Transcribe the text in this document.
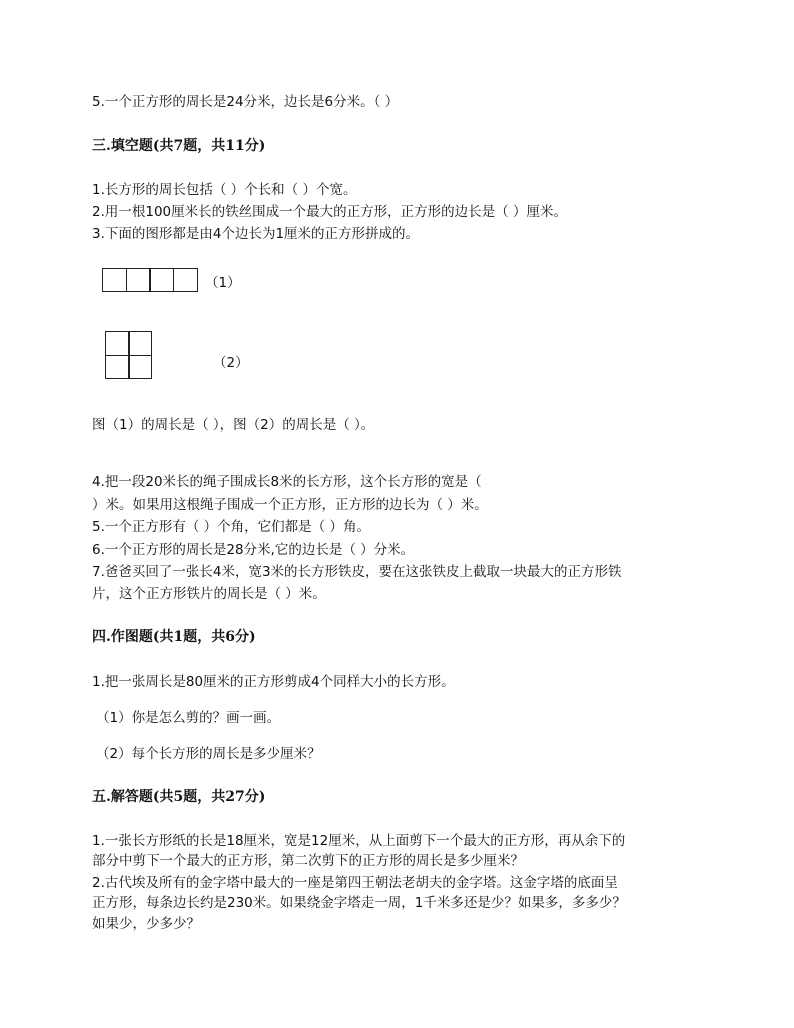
5.一个正方形的周长是24分米，边长是6分米。（ ）
三.填空题(共7题，共11分)
1.长方形的周长包括（ ）个长和（ ）个宽。
2.用一根100厘米长的铁丝围成一个最大的正方形，正方形的边长是（ ）厘米。
3.下面的图形都是由4个边长为1厘米的正方形拼成的。
（1）
（2）
图（1）的周长是（ ），图（2）的周长是（ ）。
4.把一段20米长的绳子围成长8米的长方形，这个长方形的宽是（
）米。如果用这根绳子围成一个正方形，正方形的边长为（ ）米。
5.一个正方形有（ ）个角，它们都是（ ）角。
6.一个正方形的周长是28分米,它的边长是（ ）分米。
7.爸爸买回了一张长4米，宽3米的长方形铁皮，要在这张铁皮上截取一块最大的正方形铁
片，这个正方形铁片的周长是（ ）米。
四.作图题(共1题，共6分)
1.把一张周长是80厘米的正方形剪成4个同样大小的长方形。
（1）你是怎么剪的？画一画。
（2）每个长方形的周长是多少厘米？
五.解答题(共5题，共27分)
1.一张长方形纸的长是18厘米，宽是12厘米，从上面剪下一个最大的正方形，再从余下的
部分中剪下一个最大的正方形，第二次剪下的正方形的周长是多少厘米？
2.古代埃及所有的金字塔中最大的一座是第四王朝法老胡夫的金字塔。这金字塔的底面呈
正方形，每条边长约是230米。如果绕金字塔走一周，1千米多还是少？如果多，多多少？
如果少，少多少？
